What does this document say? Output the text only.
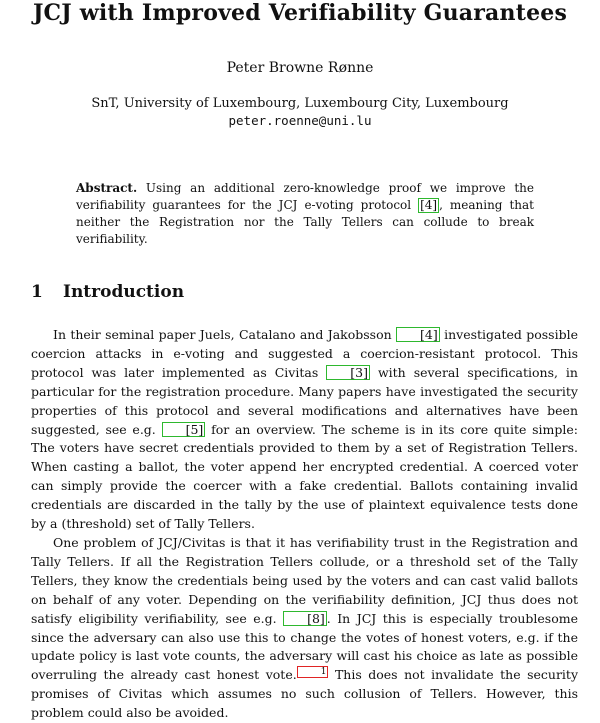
JCJ with Improved Verifiability Guarantees
Peter Browne Rønne
SnT, University of Luxembourg, Luxembourg City, Luxembourg
peter.roenne@uni.lu
Abstract. Using an additional zero-knowledge proof we improve the verifiability guarantees for the JCJ e-voting protocol [4] , meaning that neither the Registration nor the Tally Tellers can collude to break verifiability.
1 Introduction

In their seminal paper Juels, Catalano and Jakobsson [4] investigated possible coercion attacks in e-voting and suggested a coercion-resistant protocol. This protocol was later implemented as Civitas	[3] with several specifications, in particular for the registration procedure. Many papers have investigated the security properties of this protocol and several modifications and alternatives have been suggested, see e.g. [5] for an overview. The scheme is in its core quite simple: The voters have secret credentials provided to them by a set of Registration Tellers. When casting a ballot, the voter append her encrypted credential. A coerced voter can simply provide the coercer with a fake credential. Ballots containing invalid credentials are discarded in the tally by the use of plaintext equivalence tests done by a (threshold) set of Tally Tellers.

One problem of JCJ/Civitas is that it has verifiability trust in the Registration and Tally Tellers. If all the Registration Tellers collude, or a threshold set of the Tally Tellers, they know the credentials being used by the voters and can cast valid ballots on behalf of any voter. Depending on the verifiability definition, JCJ thus does not satisfy eligibility verifiability, see e.g. [8] . In JCJ this is especially troublesome since the adversary can also use this to change the votes of honest voters, e.g. if the update policy is last vote counts, the adversary will cast his choice as late as possible overruling the already cast honest vote.	1 This does not invalidate the security promises of Civitas which assumes no such collusion of Tellers. However, this problem could also be avoided.
